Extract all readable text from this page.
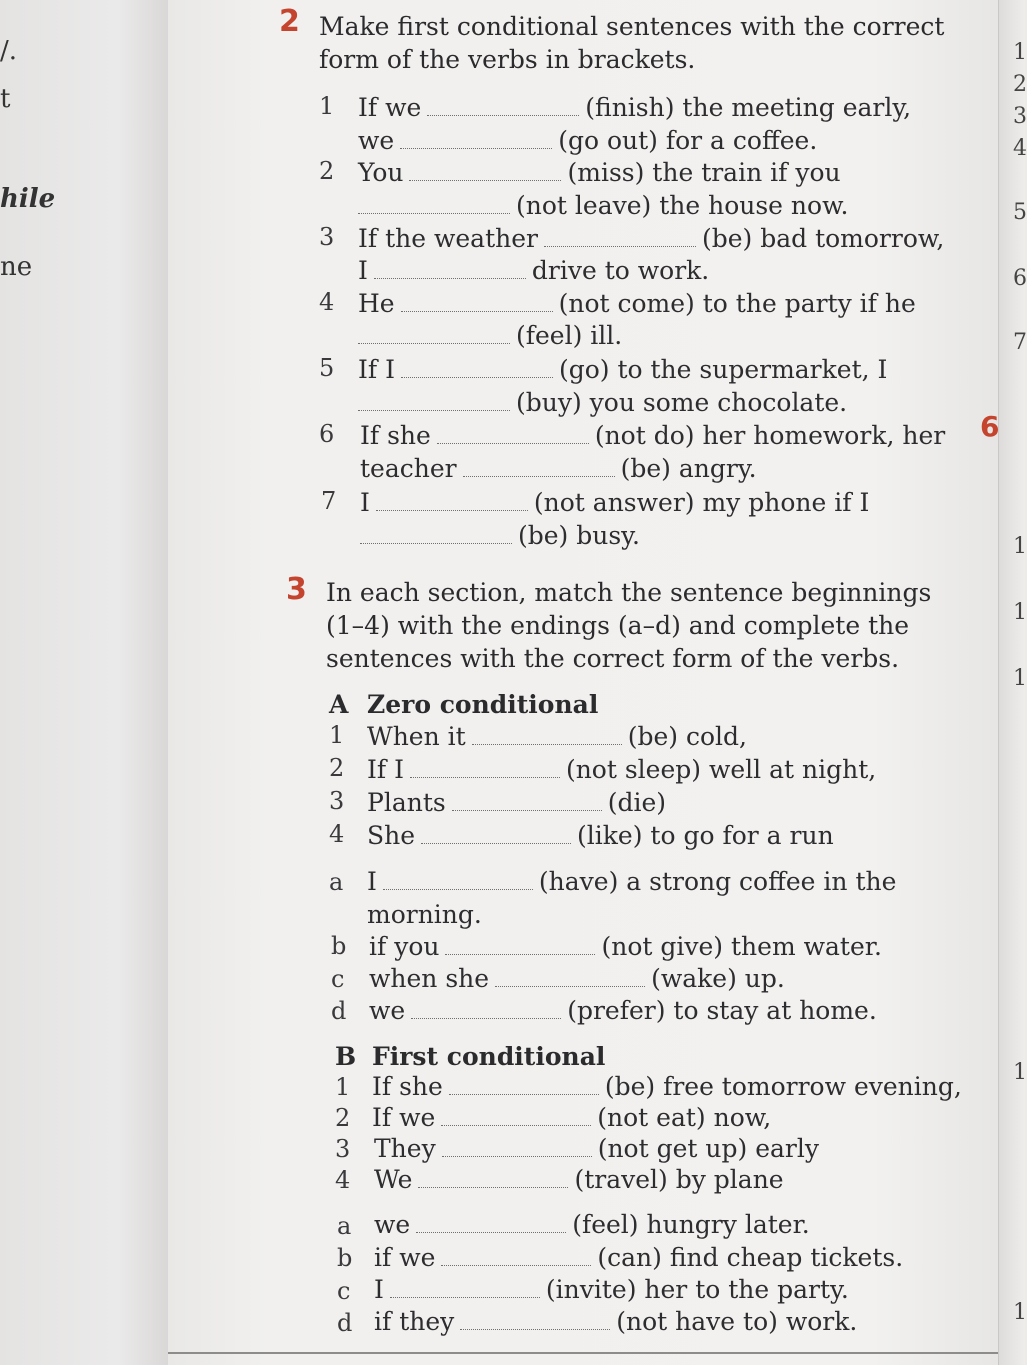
/.
t
hile
ne
1
2
3
4
5
6
7
1
1
1
1
1
6
2 Make first conditional sentences with the correct
form of the verbs in brackets.
1 If we	(finish) the meeting early,
we	(go out) for a coffee.
2 You	(miss) the train if you
(not leave) the house now.
3 If the weather	(be) bad tomorrow,
I	drive to work.
4 He	(not come) to the party if he
(feel) ill.
5 If I	(go) to the supermarket, I
(buy) you some chocolate.
6 If she	(not do) her homework, her
teacher	(be) angry.
7 I	(not answer) my phone if I
(be) busy.
3 In each section, match the sentence beginnings
(1–4) with the endings (a–d) and complete the
sentences with the correct form of the verbs.
A Zero conditional
1 When it	(be) cold,
2 If I	(not sleep) well at night,
3 Plants	(die)
4 She	(like) to go for a run
a I	(have) a strong coffee in the
morning.
b if you	(not give) them water.
c when she	(wake) up.
d we	(prefer) to stay at home.
B First conditional
1 If she	(be) free tomorrow evening,
2 If we	(not eat) now,
3 They	(not get up) early
4 We	(travel) by plane
a we	(feel) hungry later.
b if we	(can) find cheap tickets.
c I	(invite) her to the party.
d if they	(not have to) work.
